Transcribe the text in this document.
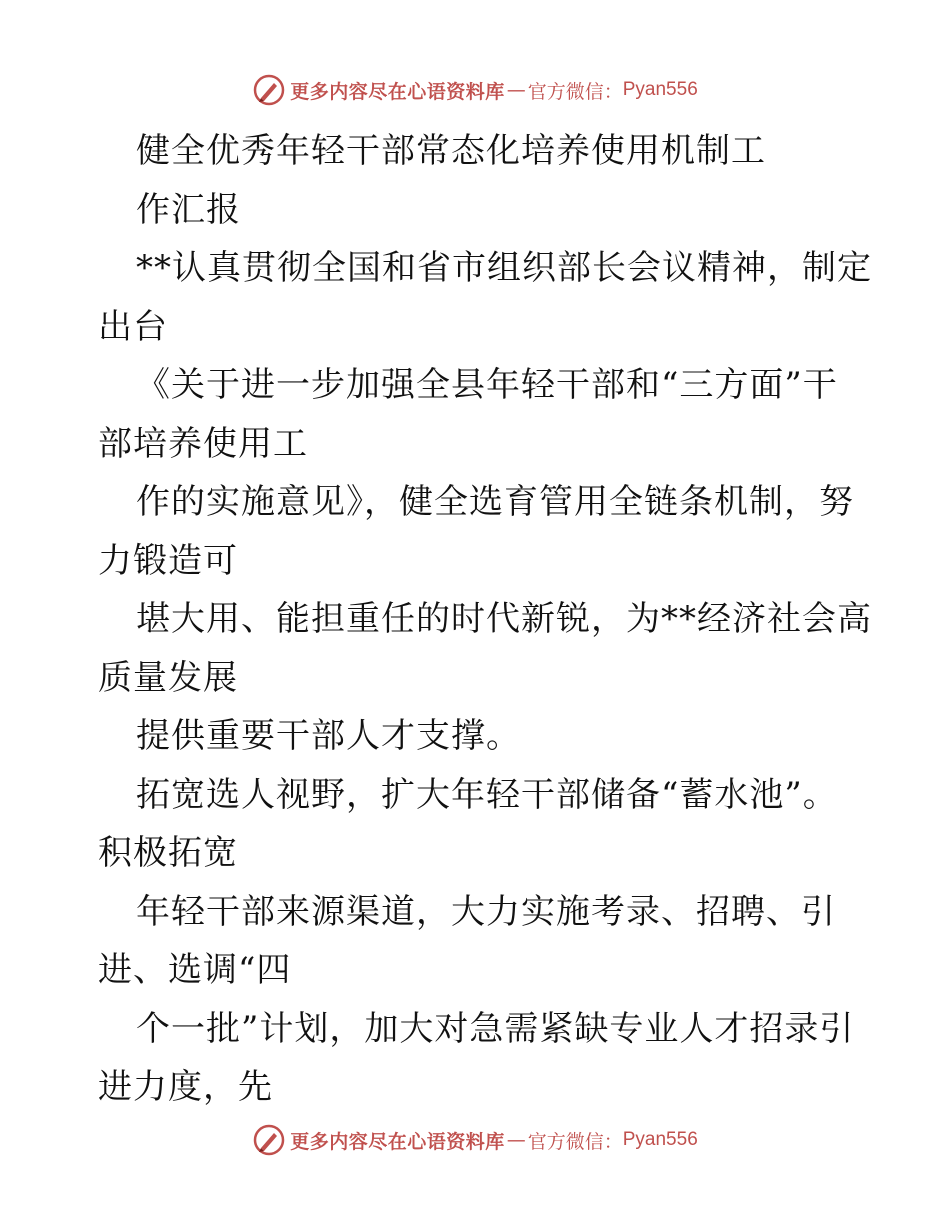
更多内容尽在心语资料库 — 官方微信： Pyan556
健全优秀年轻干部常态化培养使用机制工
作汇报
**认真贯彻全国和省市组织部长会议精神，制定
出台
《关于进一步加强全县年轻干部和“三方面”干
部培养使用工
作的实施意见》，健全选育管用全链条机制，努
力锻造可
堪大用、能担重任的时代新锐，为**经济社会高
质量发展
提供重要干部人才支撑。
拓宽选人视野，扩大年轻干部储备“蓄水池”。
积极拓宽
年轻干部来源渠道，大力实施考录、招聘、引
进、选调“四
个一批”计划，加大对急需紧缺专业人才招录引
进力度，先
更多内容尽在心语资料库 — 官方微信： Pyan556
